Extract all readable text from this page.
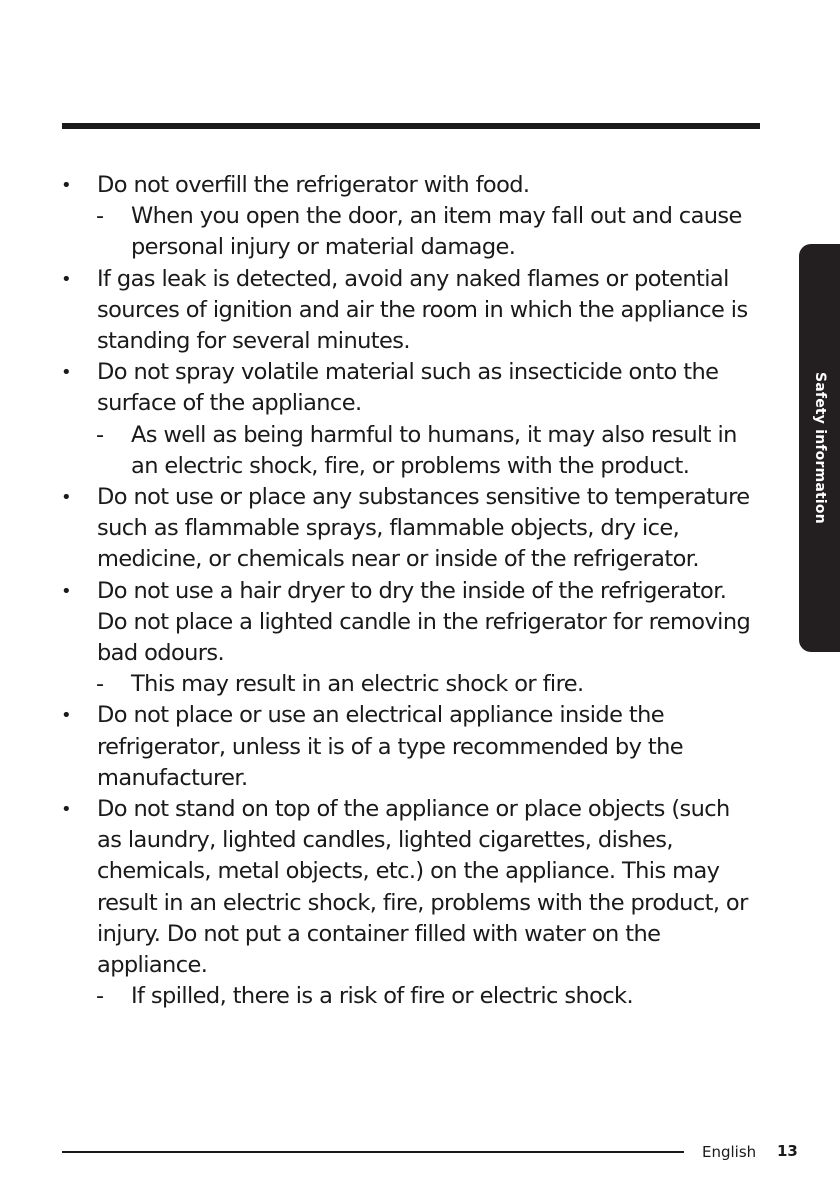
Safety information
•	Do not overfill the refrigerator with food.
- When you open the door, an item may fall out and cause personal injury or material damage.
•	If gas leak is detected, avoid any naked flames or potential sources of ignition and air the room in which the appliance is standing for several minutes.
•	Do not spray volatile material such as insecticide onto the surface of the appliance.
- As well as being harmful to humans, it may also result in an electric shock, fire, or problems with the product.
•	Do not use or place any substances sensitive to temperature such as flammable sprays, flammable objects, dry ice, medicine, or chemicals near or inside of the refrigerator.
•	Do not use a hair dryer to dry the inside of the refrigerator. Do not place a lighted candle in the refrigerator for removing bad odours.
- This may result in an electric shock or fire.
•	Do not place or use an electrical appliance inside the refrigerator, unless it is of a type recommended by the manufacturer.
•	Do not stand on top of the appliance or place objects (such as laundry, lighted candles, lighted cigarettes, dishes, chemicals, metal objects, etc.) on the appliance. This may result in an electric shock, fire, problems with the product, or injury. Do not put a container filled with water on the appliance.
- If spilled, there is a risk of fire or electric shock.
English 13
